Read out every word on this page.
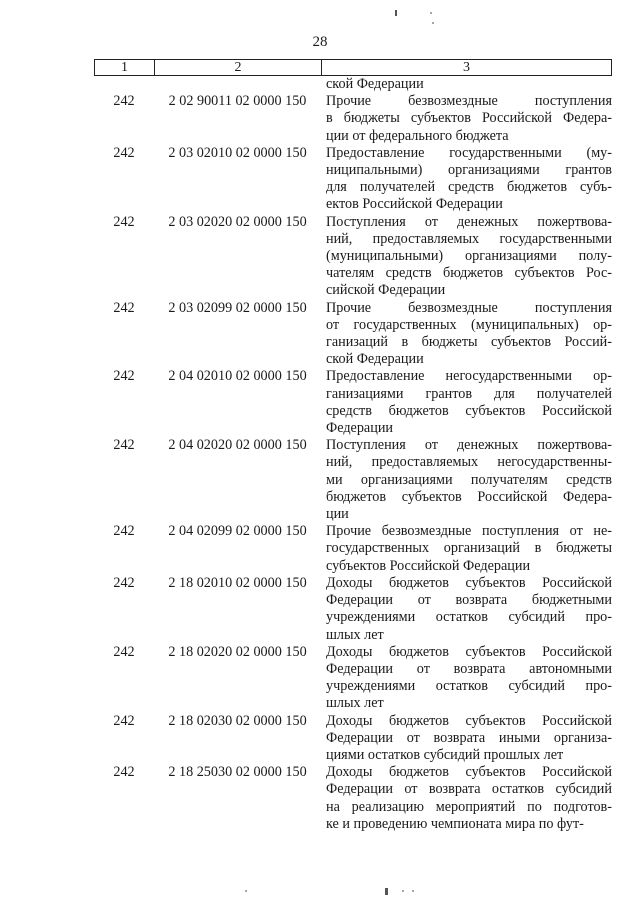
28
1	2	3
ской Федерации
242	2 02 90011 02 0000 150	Прочие безвозмездные поступления
в бюджеты субъектов Российской Федера-
ции от федерального бюджета
242	2 03 02010 02 0000 150	Предоставление государственными (му-
ниципальными) организациями грантов
для получателей средств бюджетов субъ-
ектов Российской Федерации
242	2 03 02020 02 0000 150	Поступления от денежных пожертвова-
ний, предоставляемых государственными
(муниципальными) организациями полу-
чателям средств бюджетов субъектов Рос-
сийской Федерации
242	2 03 02099 02 0000 150	Прочие безвозмездные поступления
от государственных (муниципальных) ор-
ганизаций в бюджеты субъектов Россий-
ской Федерации
242	2 04 02010 02 0000 150	Предоставление негосударственными ор-
ганизациями грантов для получателей
средств бюджетов субъектов Российской
Федерации
242	2 04 02020 02 0000 150	Поступления от денежных пожертвова-
ний, предоставляемых негосударственны-
ми организациями получателям средств
бюджетов субъектов Российской Федера-
ции
242	2 04 02099 02 0000 150	Прочие безвозмездные поступления от не-
государственных организаций в бюджеты
субъектов Российской Федерации
242	2 18 02010 02 0000 150	Доходы бюджетов субъектов Российской
Федерации от возврата бюджетными
учреждениями остатков субсидий про-
шлых лет
242	2 18 02020 02 0000 150	Доходы бюджетов субъектов Российской
Федерации от возврата автономными
учреждениями остатков субсидий про-
шлых лет
242	2 18 02030 02 0000 150	Доходы бюджетов субъектов Российской
Федерации от возврата иными организа-
циями остатков субсидий прошлых лет
242	2 18 25030 02 0000 150	Доходы бюджетов субъектов Российской
Федерации от возврата остатков субсидий
на реализацию мероприятий по подготов-
ке и проведению чемпионата мира по фут-
